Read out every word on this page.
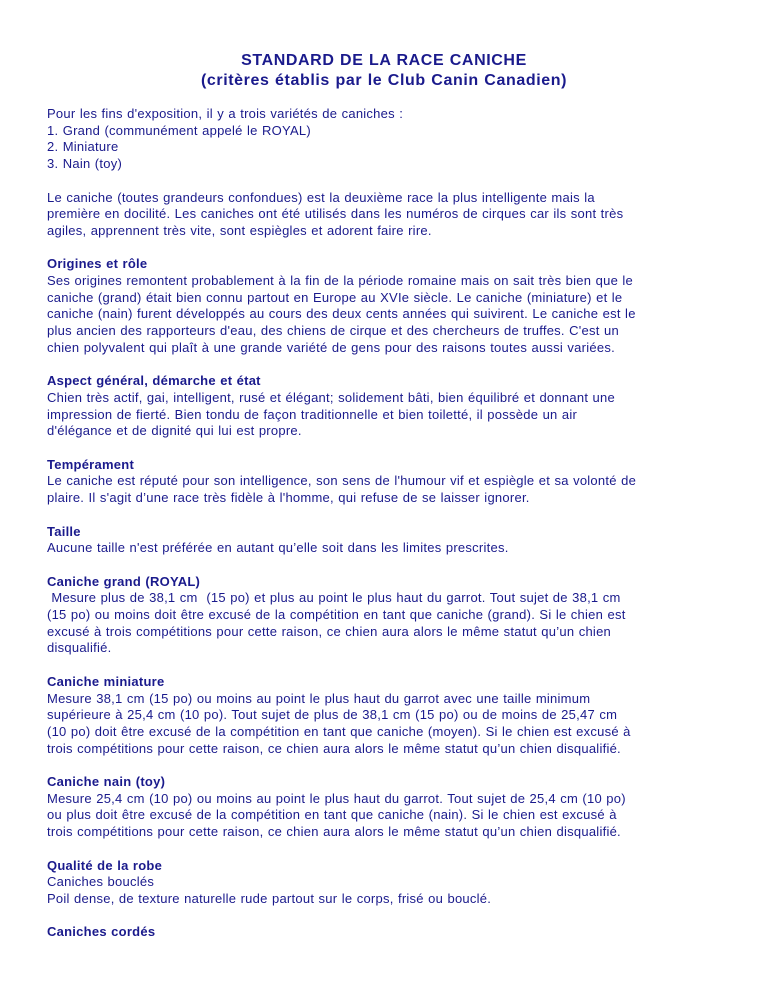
STANDARD DE LA RACE CANICHE
(critères établis par le Club Canin Canadien)
Pour les fins d'exposition, il y a trois variétés de caniches :
1. Grand (communément appelé le ROYAL)
2. Miniature
3. Nain (toy)
Le caniche (toutes grandeurs confondues) est la deuxième race la plus intelligente mais la
première en docilité. Les caniches ont été utilisés dans les numéros de cirques car ils sont très
agiles, apprennent très vite, sont espiègles et adorent faire rire.
Origines et rôle
Ses origines remontent probablement à la fin de la période romaine mais on sait très bien que le
caniche (grand) était bien connu partout en Europe au XVIe siècle. Le caniche (miniature) et le
caniche (nain) furent développés au cours des deux cents années qui suivirent. Le caniche est le
plus ancien des rapporteurs d'eau, des chiens de cirque et des chercheurs de truffes. C'est un
chien polyvalent qui plaît à une grande variété de gens pour des raisons toutes aussi variées.
Aspect général, démarche et état
Chien très actif, gai, intelligent, rusé et élégant; solidement bâti, bien équilibré et donnant une
impression de fierté. Bien tondu de façon traditionnelle et bien toiletté, il possède un air
d'élégance et de dignité qui lui est propre.
Tempérament
Le caniche est réputé pour son intelligence, son sens de l'humour vif et espiègle et sa volonté de
plaire. Il s'agit d’une race très fidèle à l'homme, qui refuse de se laisser ignorer.
Taille
Aucune taille n'est préférée en autant qu’elle soit dans les limites prescrites.
Caniche grand (ROYAL)
Mesure plus de 38,1 cm  (15 po) et plus au point le plus haut du garrot. Tout sujet de 38,1 cm
(15 po) ou moins doit être excusé de la compétition en tant que caniche (grand). Si le chien est
excusé à trois compétitions pour cette raison, ce chien aura alors le même statut qu’un chien
disqualifié.
Caniche miniature
Mesure 38,1 cm (15 po) ou moins au point le plus haut du garrot avec une taille minimum
supérieure à 25,4 cm (10 po). Tout sujet de plus de 38,1 cm (15 po) ou de moins de 25,47 cm
(10 po) doit être excusé de la compétition en tant que caniche (moyen). Si le chien est excusé à
trois compétitions pour cette raison, ce chien aura alors le même statut qu’un chien disqualifié.
Caniche nain (toy)
Mesure 25,4 cm (10 po) ou moins au point le plus haut du garrot. Tout sujet de 25,4 cm (10 po)
ou plus doit être excusé de la compétition en tant que caniche (nain). Si le chien est excusé à
trois compétitions pour cette raison, ce chien aura alors le même statut qu’un chien disqualifié.
Qualité de la robe
Caniches bouclés
Poil dense, de texture naturelle rude partout sur le corps, frisé ou bouclé.
Caniches cordés
